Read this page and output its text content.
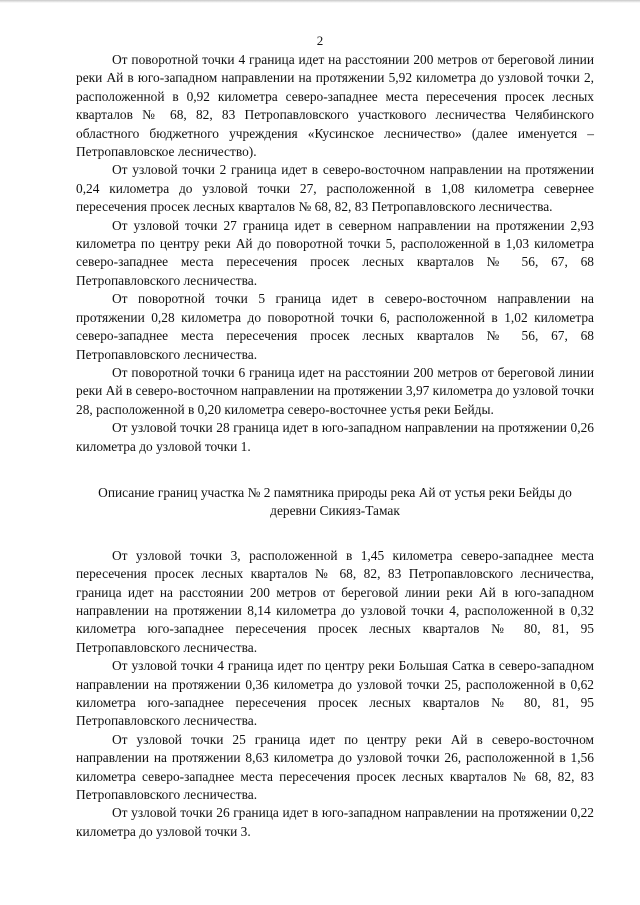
2

От поворотной точки 4 граница идет на расстоянии 200 метров от береговой линии реки Ай в юго-западном направлении на протяжении 5,92 километра до узловой точки 2, расположенной в 0,92 километра северо-западнее места пересечения просек лесных кварталов № 68, 82, 83 Петропавловского участкового лесничества Челябинского областного бюджетного учреждения «Кусинское лесничество» (далее именуется – Петропавловское лесничество).

От узловой точки 2 граница идет в северо-восточном направлении на протяжении 0,24 километра до узловой точки 27, расположенной в 1,08 километра севернее пересечения просек лесных кварталов № 68, 82, 83 Петропавловского лесничества.

От узловой точки 27 граница идет в северном направлении на протяжении 2,93 километра по центру реки Ай до поворотной точки 5, расположенной в 1,03 километра северо-западнее места пересечения просек лесных кварталов № 56, 67, 68 Петропавловского лесничества.

От поворотной точки 5 граница идет в северо-восточном направлении на протяжении 0,28 километра до поворотной точки 6, расположенной в 1,02 километра северо-западнее места пересечения просек лесных кварталов № 56, 67, 68 Петропавловского лесничества.

От поворотной точки 6 граница идет на расстоянии 200 метров от береговой линии реки Ай в северо-восточном направлении на протяжении 3,97 километра до узловой точки 28, расположенной в 0,20 километра северо-восточнее устья реки Бейды.

От узловой точки 28 граница идет в юго-западном направлении на протяжении 0,26 километра до узловой точки 1.

Описание границ участка № 2 памятника природы река Ай от устья реки Бейды до деревни Сикияз-Тамак

От узловой точки 3, расположенной в 1,45 километра северо-западнее места пересечения просек лесных кварталов № 68, 82, 83 Петропавловского лесничества, граница идет на расстоянии 200 метров от береговой линии реки Ай в юго-западном направлении на протяжении 8,14 километра до узловой точки 4, расположенной в 0,32 километра юго-западнее пересечения просек лесных кварталов № 80, 81, 95 Петропавловского лесничества.

От узловой точки 4 граница идет по центру реки Большая Сатка в северо-западном направлении на протяжении 0,36 километра до узловой точки 25, расположенной в 0,62 километра юго-западнее пересечения просек лесных кварталов № 80, 81, 95 Петропавловского лесничества.

От узловой точки 25 граница идет по центру реки Ай в северо-восточном направлении на протяжении 8,63 километра до узловой точки 26, расположенной в 1,56 километра северо-западнее места пересечения просек лесных кварталов № 68, 82, 83 Петропавловского лесничества.

От узловой точки 26 граница идет в юго-западном направлении на протяжении 0,22 километра до узловой точки 3.
